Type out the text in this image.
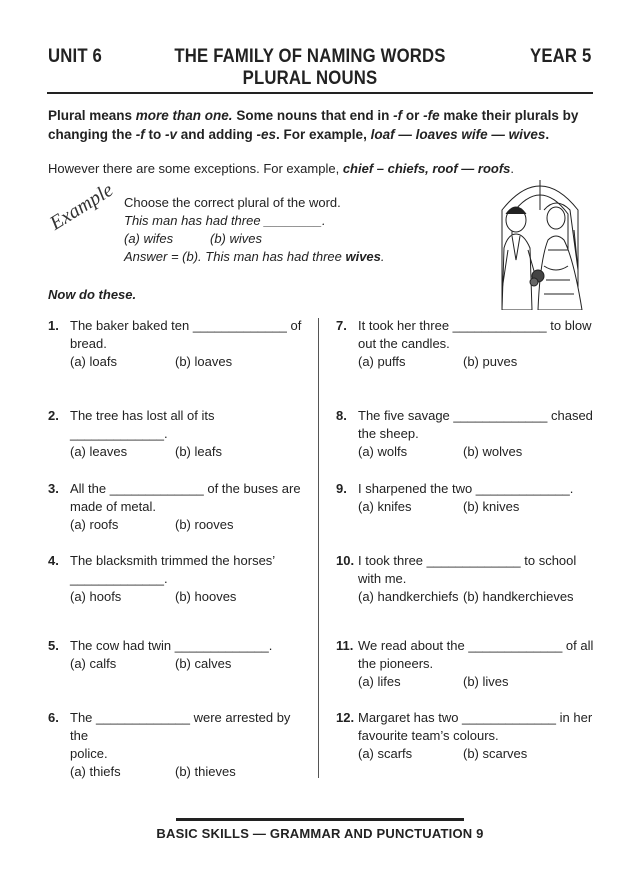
UNIT 6	THE FAMILY OF NAMING WORDS
PLURAL NOUNS
YEAR 5
Plural means more than one. Some nouns that end in -f or -fe make their plurals by changing the -f to -v and adding -es. For example, loaf — loaves wife — wives.
However there are some exceptions. For example, chief – chiefs, roof — roofs.
Example Choose the correct plural of the word.
This man has had three ________.
(a) wifes	(b) wives
Answer = (b). This man has had three wives.
Now do these.
1. The baker baked ten _____________ of
bread.
(a) loafs	(b) loaves
2. The tree has lost all of its _____________.
(a) leaves	(b) leafs
3. All the _____________ of the buses are
made of metal.
(a) roofs	(b) rooves
4. The blacksmith trimmed the horses’
_____________.
(a) hoofs	(b) hooves
5. The cow had twin _____________.
(a) calfs	(b) calves
6. The _____________ were arrested by the
police.
(a) thiefs	(b) thieves
7. It took her three _____________ to blow
out the candles.
(a) puffs	(b) puves
8. The five savage _____________ chased
the sheep.
(a) wolfs	(b) wolves
9. I sharpened the two _____________.
(a) knifes	(b) knives
10. I took three _____________ to school
with me.
(a) handkerchiefs (b) handkerchieves
11. We read about the _____________ of all
the pioneers.
(a) lifes	(b) lives
12. Margaret has two _____________ in her
favourite team’s colours.
(a) scarfs	(b) scarves
BASIC SKILLS — GRAMMAR AND PUNCTUATION 9
